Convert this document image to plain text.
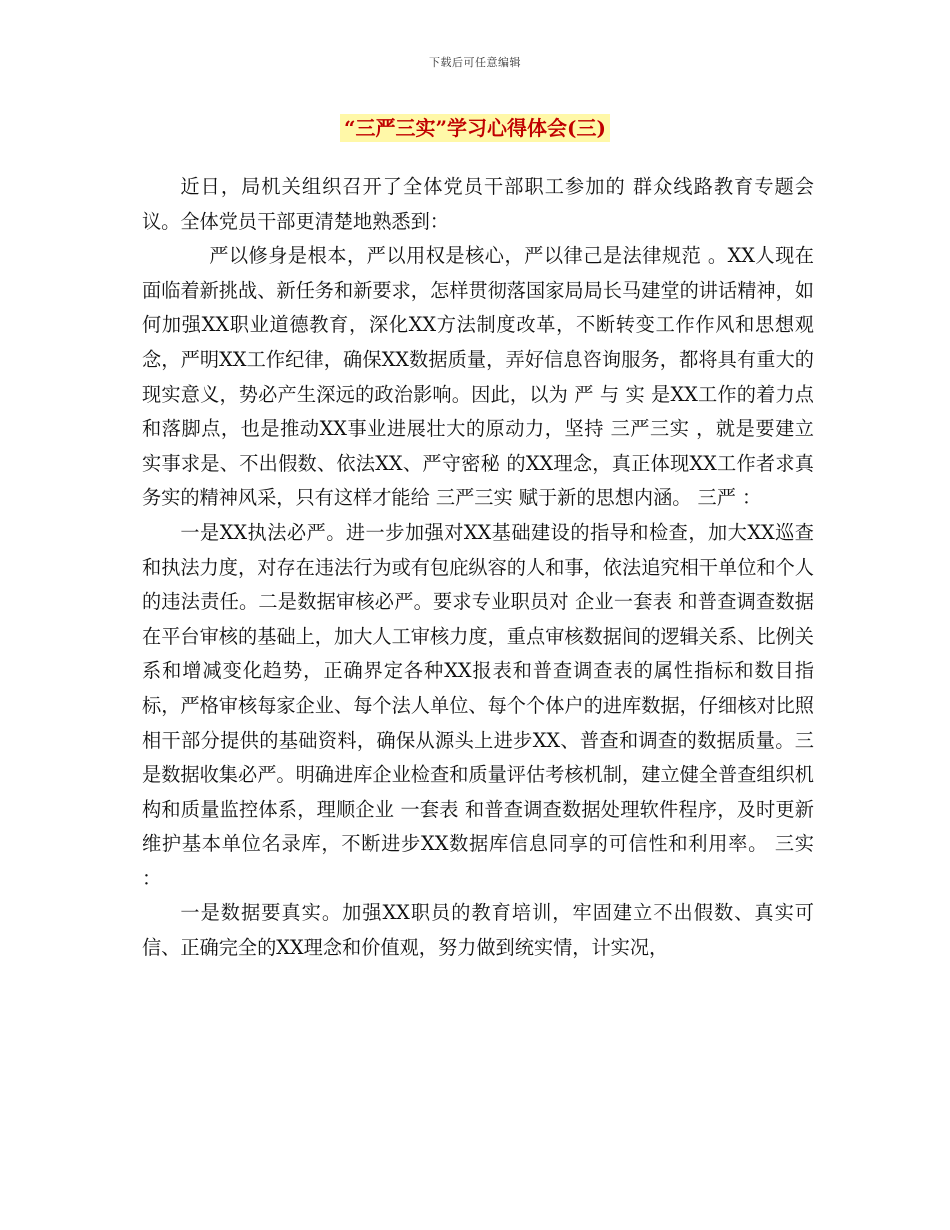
下载后可任意编辑
“三严三实”学习心得体会(三)

近日，局机关组织召开了全体党员干部职工参加的 群众线路教育专题会议。全体党员干部更清楚地熟悉到：

严以修身是根本，严以用权是核心，严以律己是法律规范 。XX人现在面临着新挑战、新任务和新要求，怎样贯彻落国家局局长马建堂的讲话精神，如何加强XX职业道德教育，深化XX方法制度改革，不断转变工作作风和思想观念，严明XX工作纪律，确保XX数据质量，弄好信息咨询服务，都将具有重大的现实意义，势必产生深远的政治影响。因此，以为 严 与 实 是XX工作的着力点和落脚点，也是推动XX事业进展壮大的原动力，坚持 三严三实 ，就是要建立 实事求是、不出假数、依法XX、严守密秘 的XX理念，真正体现XX工作者求真务实的精神风采，只有这样才能给 三严三实 赋于新的思想内涵。 三严 ：

一是XX执法必严。进一步加强对XX基础建设的指导和检查，加大XX巡查和执法力度，对存在违法行为或有包庇纵容的人和事，依法追究相干单位和个人的违法责任。二是数据审核必严。要求专业职员对 企业一套表 和普查调查数据在平台审核的基础上，加大人工审核力度，重点审核数据间的逻辑关系、比例关系和增减变化趋势，正确界定各种XX报表和普查调查表的属性指标和数目指标，严格审核每家企业、每个法人单位、每个个体户的进库数据，仔细核对比照相干部分提供的基础资料，确保从源头上进步XX、普查和调查的数据质量。三是数据收集必严。明确进库企业检查和质量评估考核机制，建立健全普查组织机构和质量监控体系，理顺企业 一套表 和普查调查数据处理软件程序，及时更新维护基本单位名录库，不断进步XX数据库信息同享的可信性和利用率。 三实 ：

一是数据要真实。加强XX职员的教育培训，牢固建立不出假数、真实可信、正确完全的XX理念和价值观，努力做到统实情，计实况，
